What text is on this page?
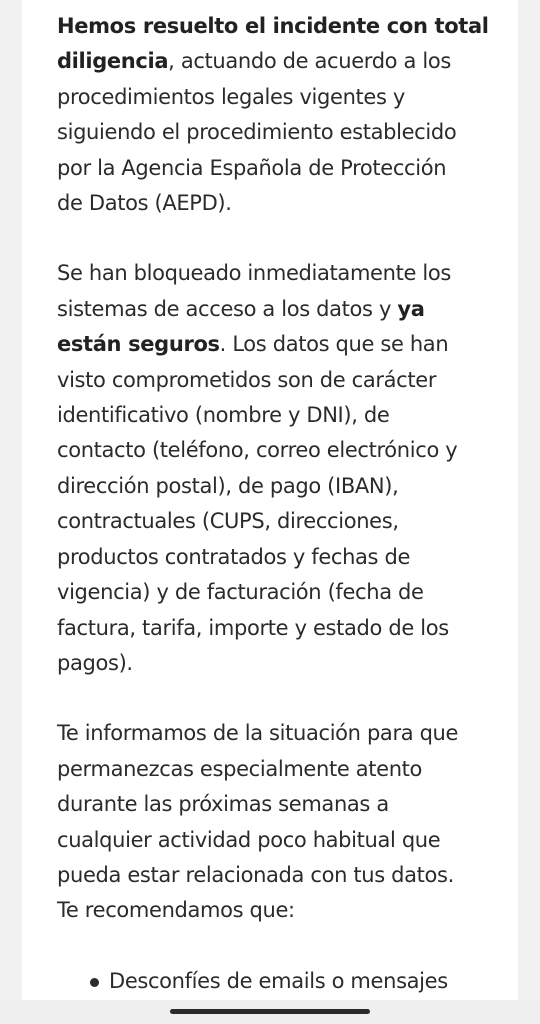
Hemos resuelto el incidente con total
diligencia, actuando de acuerdo a los
procedimientos legales vigentes y
siguiendo el procedimiento establecido
por la Agencia Española de Protección
de Datos (AEPD).

Se han bloqueado inmediatamente los
sistemas de acceso a los datos y ya
están seguros. Los datos que se han
visto comprometidos son de carácter
identificativo (nombre y DNI), de
contacto (teléfono, correo electrónico y
dirección postal), de pago (IBAN),
contractuales (CUPS, direcciones,
productos contratados y fechas de
vigencia) y de facturación (fecha de
factura, tarifa, importe y estado de los
pagos).

Te informamos de la situación para que
permanezcas especialmente atento
durante las próximas semanas a
cualquier actividad poco habitual que
pueda estar relacionada con tus datos.
Te recomendamos que:

Desconfíes de emails o mensajes
